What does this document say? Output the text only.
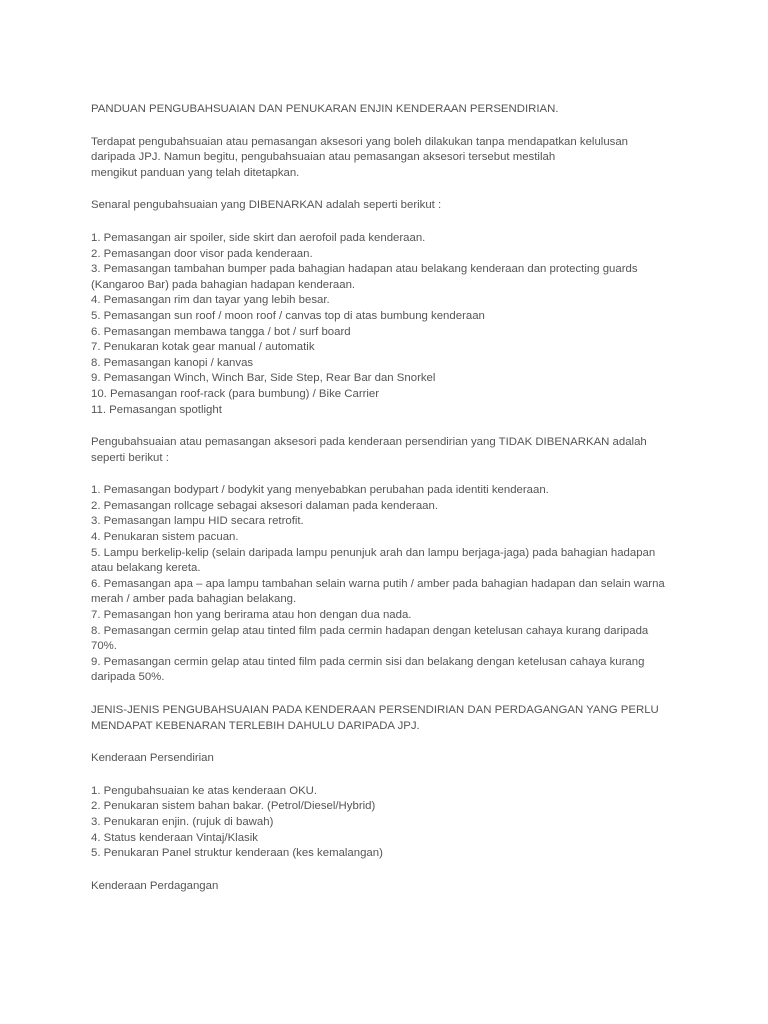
PANDUAN PENGUBAHSUAIAN DAN PENUKARAN ENJIN KENDERAAN PERSENDIRIAN.
Terdapat pengubahsuaian atau pemasangan aksesori yang boleh dilakukan tanpa mendapatkan kelulusan
daripada JPJ. Namun begitu, pengubahsuaian atau pemasangan aksesori tersebut mestilah
mengikut panduan yang telah ditetapkan.
Senaral pengubahsuaian yang DIBENARKAN adalah seperti berikut :
1. Pemasangan air spoiler, side skirt dan aerofoil pada kenderaan.
2. Pemasangan door visor pada kenderaan.
3. Pemasangan tambahan bumper pada bahagian hadapan atau belakang kenderaan dan protecting guards
(Kangaroo Bar) pada bahagian hadapan kenderaan.
4. Pemasangan rim dan tayar yang lebih besar.
5. Pemasangan sun roof / moon roof / canvas top di atas bumbung kenderaan
6. Pemasangan membawa tangga / bot / surf board
7. Penukaran kotak gear manual / automatik
8. Pemasangan kanopi / kanvas
9. Pemasangan Winch, Winch Bar, Side Step, Rear Bar dan Snorkel
10. Pemasangan roof-rack (para bumbung) / Bike Carrier
11. Pemasangan spotlight
Pengubahsuaian atau pemasangan aksesori pada kenderaan persendirian yang TIDAK DIBENARKAN adalah
seperti berikut :
1. Pemasangan bodypart / bodykit yang menyebabkan perubahan pada identiti kenderaan.
2. Pemasangan rollcage sebagai aksesori dalaman pada kenderaan.
3. Pemasangan lampu HID secara retrofit.
4. Penukaran sistem pacuan.
5. Lampu berkelip-kelip (selain daripada lampu penunjuk arah dan lampu berjaga-jaga) pada bahagian hadapan
atau belakang kereta.
6. Pemasangan apa – apa lampu tambahan selain warna putih / amber pada bahagian hadapan dan selain warna
merah / amber pada bahagian belakang.
7. Pemasangan hon yang berirama atau hon dengan dua nada.
8. Pemasangan cermin gelap atau tinted film pada cermin hadapan dengan ketelusan cahaya kurang daripada
70%.
9. Pemasangan cermin gelap atau tinted film pada cermin sisi dan belakang dengan ketelusan cahaya kurang
daripada 50%.
JENIS-JENIS PENGUBAHSUAIAN PADA KENDERAAN PERSENDIRIAN DAN PERDAGANGAN YANG PERLU
MENDAPAT KEBENARAN TERLEBIH DAHULU DARIPADA JPJ.
Kenderaan Persendirian
1. Pengubahsuaian ke atas kenderaan OKU.
2. Penukaran sistem bahan bakar. (Petrol/Diesel/Hybrid)
3. Penukaran enjin. (rujuk di bawah)
4. Status kenderaan Vintaj/Klasik
5. Penukaran Panel struktur kenderaan (kes kemalangan)
Kenderaan Perdagangan
